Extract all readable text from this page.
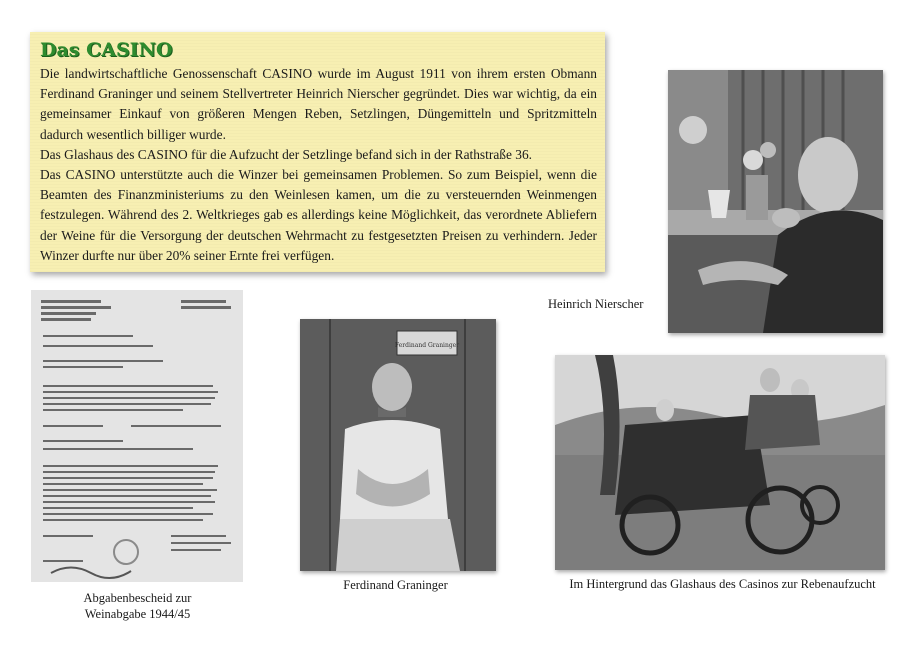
Das CASINO

Die landwirtschaftliche Genossenschaft CASINO wurde im August 1911 von ihrem ersten Obmann Ferdinand Graninger und seinem Stellvertreter Heinrich Nierscher gegründet. Dies war wichtig, da ein gemeinsamer Einkauf von größeren Mengen Reben, Setzlingen, Düngemitteln und Spritzmitteln dadurch wesentlich billiger wurde.

Das Glashaus des CASINO für die Aufzucht der Setzlinge befand sich in der Rathstraße 36.

Das CASINO unterstützte auch die Winzer bei gemeinsamen Problemen. So zum Beispiel, wenn die Beamten des Finanzministeriums zu den Weinlesen kamen, um die zu versteuernden Weinmengen festzulegen. Während des 2. Weltkrieges gab es allerdings keine Möglichkeit, das verordnete Abliefern der Weine für die Versorgung der deutschen Wehrmacht zu festgesetzten Preisen zu verhindern. Jeder Winzer durfte nur über 20% seiner Ernte frei verfügen.

Heinrich Nierscher
Abgabenbescheid zur
Weinabgabe 1944/45
Ferdinand Graninger
Ferdinand Graninger	Im Hintergrund das Glashaus des Casinos zur Rebenaufzucht
